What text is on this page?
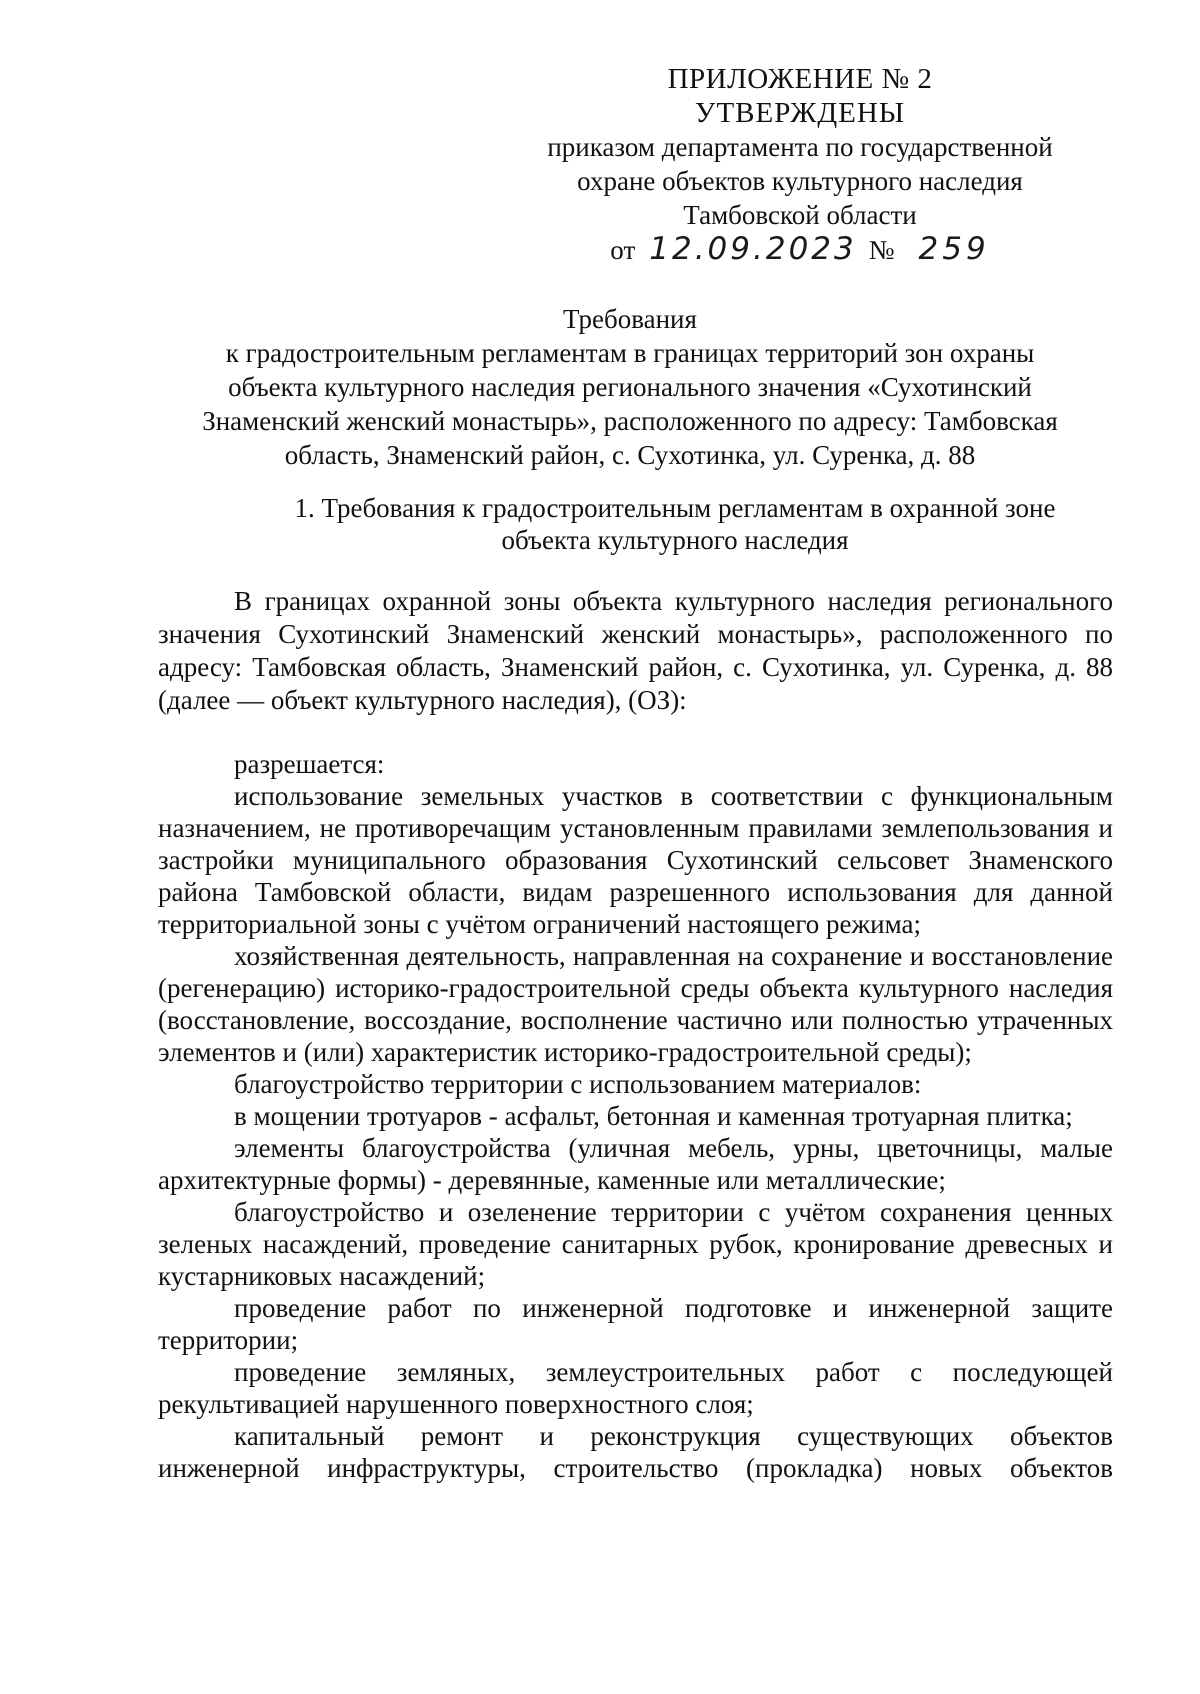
ПРИЛОЖЕНИЕ № 2
УТВЕРЖДЕНЫ
приказом департамента по государственной
охране объектов культурного наследия
Тамбовской области
от 12.09.2023 № 259
Требования
к градостроительным регламентам в границах территорий зон охраны
объекта культурного наследия регионального значения «Сухотинский
Знаменский женский монастырь», расположенного по адресу: Тамбовская
область, Знаменский район, с. Сухотинка, ул. Суренка, д. 88
1. Требования к градостроительным регламентам в охранной зоне
объекта культурного наследия

В границах охранной зоны объекта культурного наследия регионального значения Сухотинский Знаменский женский монастырь», расположенного по адресу: Тамбовская область, Знаменский район, с. Сухотинка, ул. Суренка, д. 88 (далее — объект культурного наследия), (ОЗ):

разрешается:

использование земельных участков в соответствии с функциональным назначением, не противоречащим установленным правилами землепользования и застройки муниципального образования Сухотинский сельсовет Знаменского района Тамбовской области, видам разрешенного использования для данной территориальной зоны с учётом ограничений настоящего режима;

хозяйственная деятельность, направленная на сохранение и восстановление (регенерацию) историко-градостроительной среды объекта культурного наследия (восстановление, воссоздание, восполнение частично или полностью утраченных элементов и (или) характеристик историко-градостроительной среды);

благоустройство территории с использованием материалов:

в мощении тротуаров - асфальт, бетонная и каменная тротуарная плитка;

элементы благоустройства (уличная мебель, урны, цветочницы, малые архитектурные формы) - деревянные, каменные или металлические;

благоустройство и озеленение территории с учётом сохранения ценных зеленых насаждений, проведение санитарных рубок, кронирование древесных и кустарниковых насаждений;

проведение работ по инженерной подготовке и инженерной защите территории;

проведение земляных, землеустроительных работ с последующей рекультивацией нарушенного поверхностного слоя;

капитальный ремонт и реконструкция существующих объектов инженерной инфраструктуры, строительство (прокладка) новых объектов
